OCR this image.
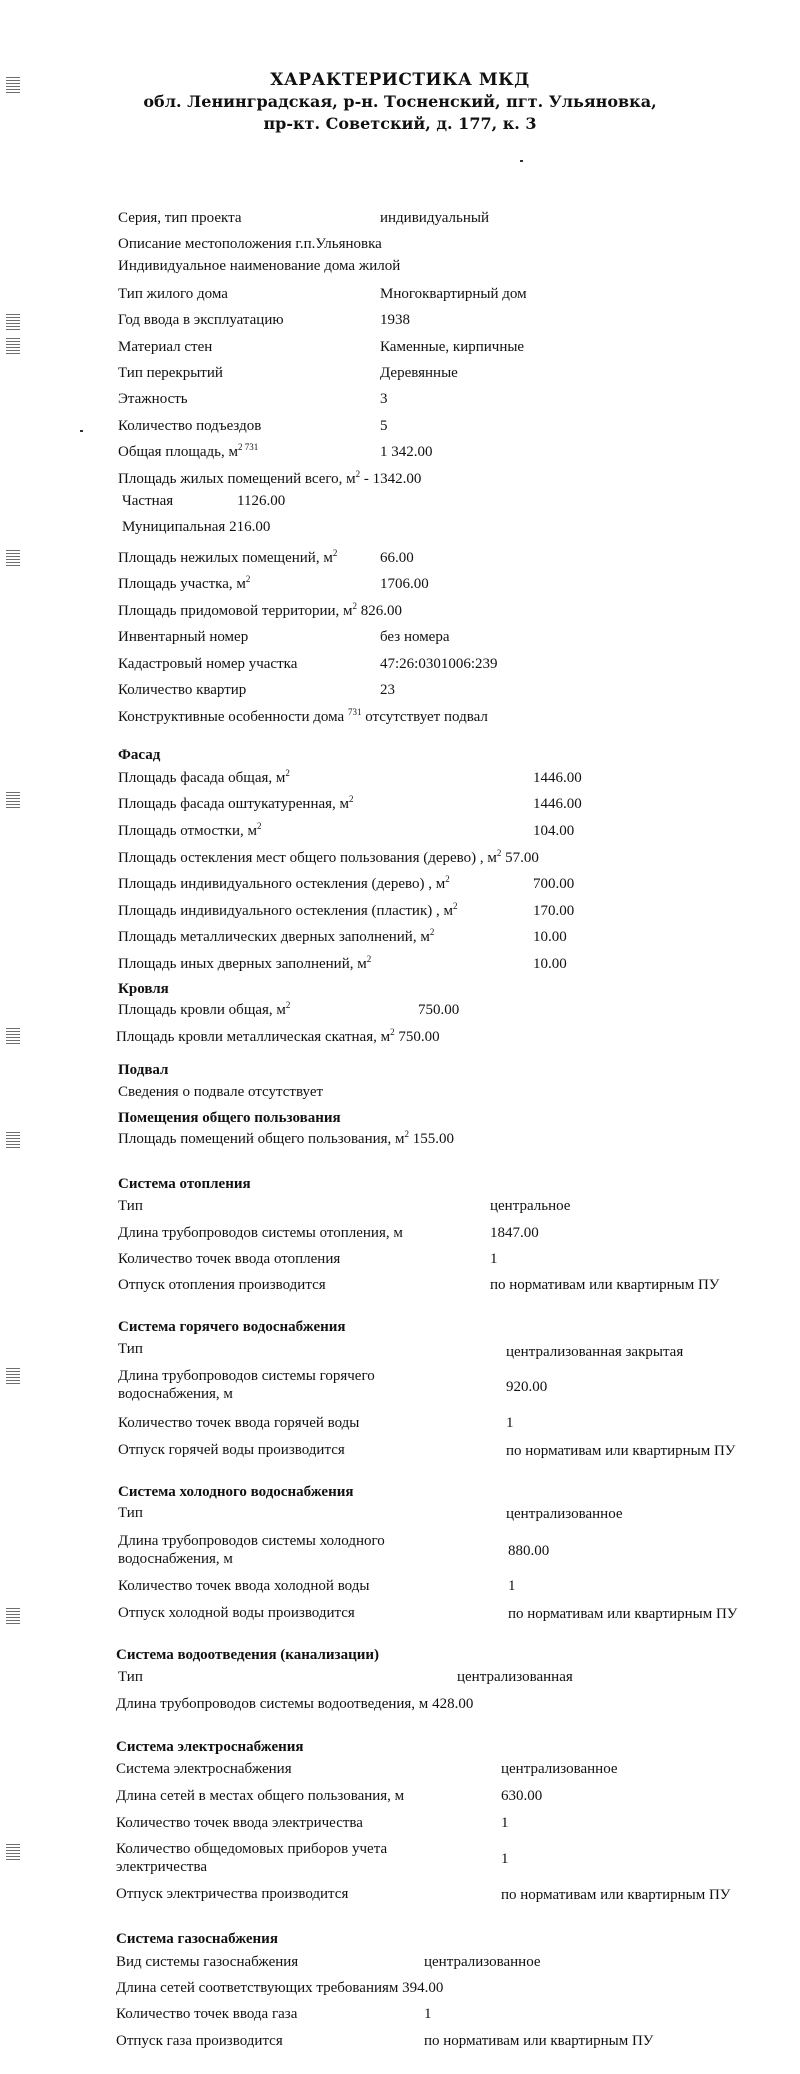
ХАРАКТЕРИСТИКА МКД
обл. Ленинградская, р-н. Тосненский, пгт. Ульяновка,
пр-кт. Советский, д. 177, к. 3
Серия, тип проекта	индивидуальный
Описание местоположения г.п.Ульяновка
Индивидуальное наименование дома жилой
Тип жилого дома	Многоквартирный дом
Год ввода в эксплуатацию	1938
Материал стен	Каменные, кирпичные
Тип перекрытий	Деревянные
Этажность	3
Количество подъездов	5
Общая площадь, $м^{2 731}$	1 342.00
Площадь жилых помещений всего, $м^2 - 1342.00$
Частная	1126.00
Муниципальная 216.00
Площадь нежилых помещений, $м^2$	66.00
Площадь участка, $м^2$	1706.00
Площадь придомовой территории, $м^2$ 826.00
Инвентарный номер	без номера
Кадастровый номер участка	47:26:0301006:239
Количество квартир	23
Конструктивные особенности дома $^{731}$ отсутствует подвал
Фасад
Площадь фасада общая, $м^2$	1446.00
Площадь фасада оштукатуренная, $м^2$	1446.00
Площадь отмостки, $м^2$	104.00
Площадь остекления мест общего пользования (дерево) , $м^2$ 57.00
Площадь индивидуального остекления (дерево) , $м^2$	700.00
Площадь индивидуального остекления (пластик) , $м^2$	170.00
Площадь металлических дверных заполнений, $м^2$	10.00
Площадь иных дверных заполнений, $м^2$	10.00
Кровля
Площадь кровли общая, $м^2$	750.00
Площадь кровли металлическая скатная, $м^2$ 750.00
Подвал
Сведения о подвале отсутствует
Помещения общего пользования
Площадь помещений общего пользования, $м^2$ 155.00
Система отопления
Тип	центральное
Длина трубопроводов системы отопления, м	1847.00
Количество точек ввода отопления	1
Отпуск отопления производится	по нормативам или квартирным ПУ
Система горячего водоснабжения
Тип	централизованная закрытая
Длина трубопроводов системы горячего
водоснабжения, м	920.00
Количество точек ввода горячей воды	1
Отпуск горячей воды производится	по нормативам или квартирным ПУ
Система холодного водоснабжения
Тип	централизованное
Длина трубопроводов системы холодного
водоснабжения, м	880.00
Количество точек ввода холодной воды	1
Отпуск холодной воды производится	по нормативам или квартирным ПУ
Система водоотведения (канализации)
Тип	централизованная
Длина трубопроводов системы водоотведения, м 428.00
Система электроснабжения
Система электроснабжения	централизованное
Длина сетей в местах общего пользования, м	630.00
Количество точек ввода электричества	1
Количество общедомовых приборов учета
электричества	1
Отпуск электричества производится	по нормативам или квартирным ПУ
Система газоснабжения
Вид системы газоснабжения	централизованное
Длина сетей соответствующих требованиям 394.00
Количество точек ввода газа	1
Отпуск газа производится	по нормативам или квартирным ПУ
